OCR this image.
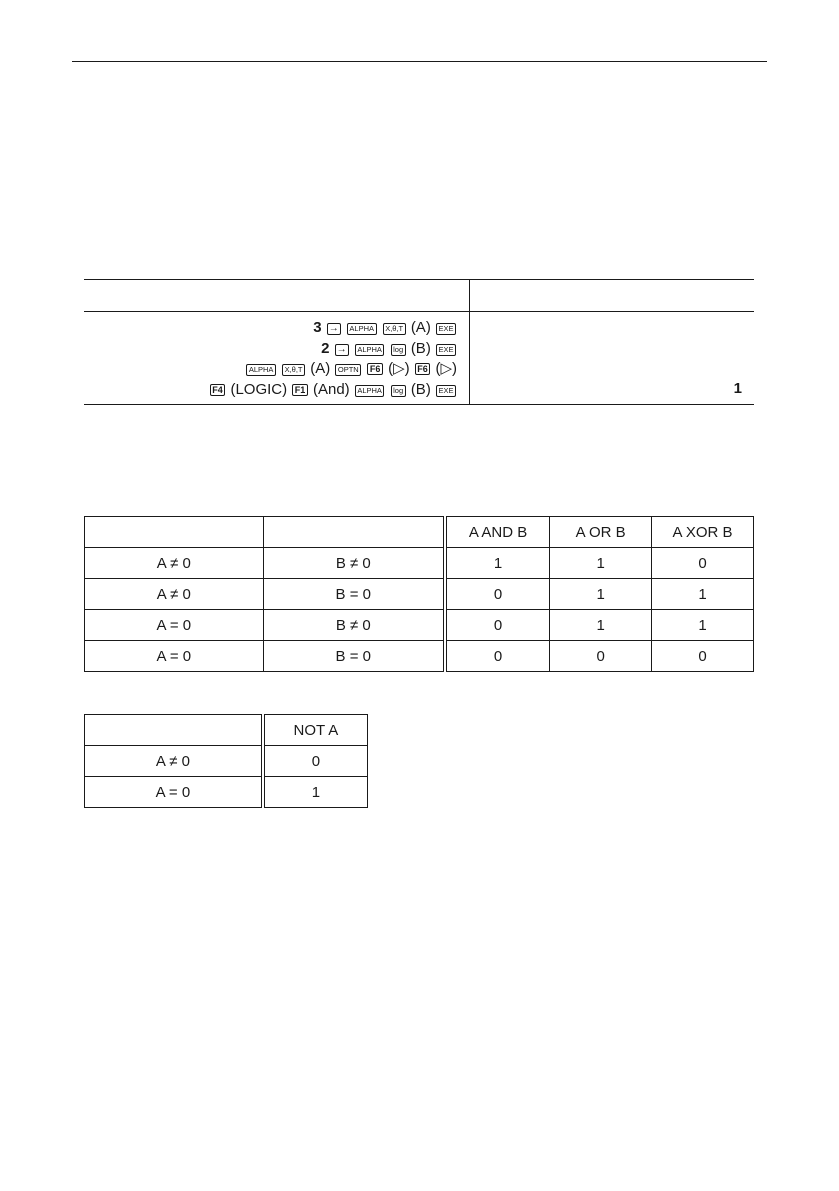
3 → ALPHA X,θ,T (A) EXE
2 → ALPHA log (B) EXE
ALPHA X,θ,T (A) OPTN F6 (▷) F6 (▷)
F4 (LOGIC) F1 (And) ALPHA log (B) EXE	1
		A AND B	A OR B	A XOR B
A ≠ 0	B ≠ 0	1	1	0
A ≠ 0	B = 0	0	1	1
A = 0	B ≠ 0	0	1	1
A = 0	B = 0	0	0	0
	NOT A
A ≠ 0	0
A = 0	1
